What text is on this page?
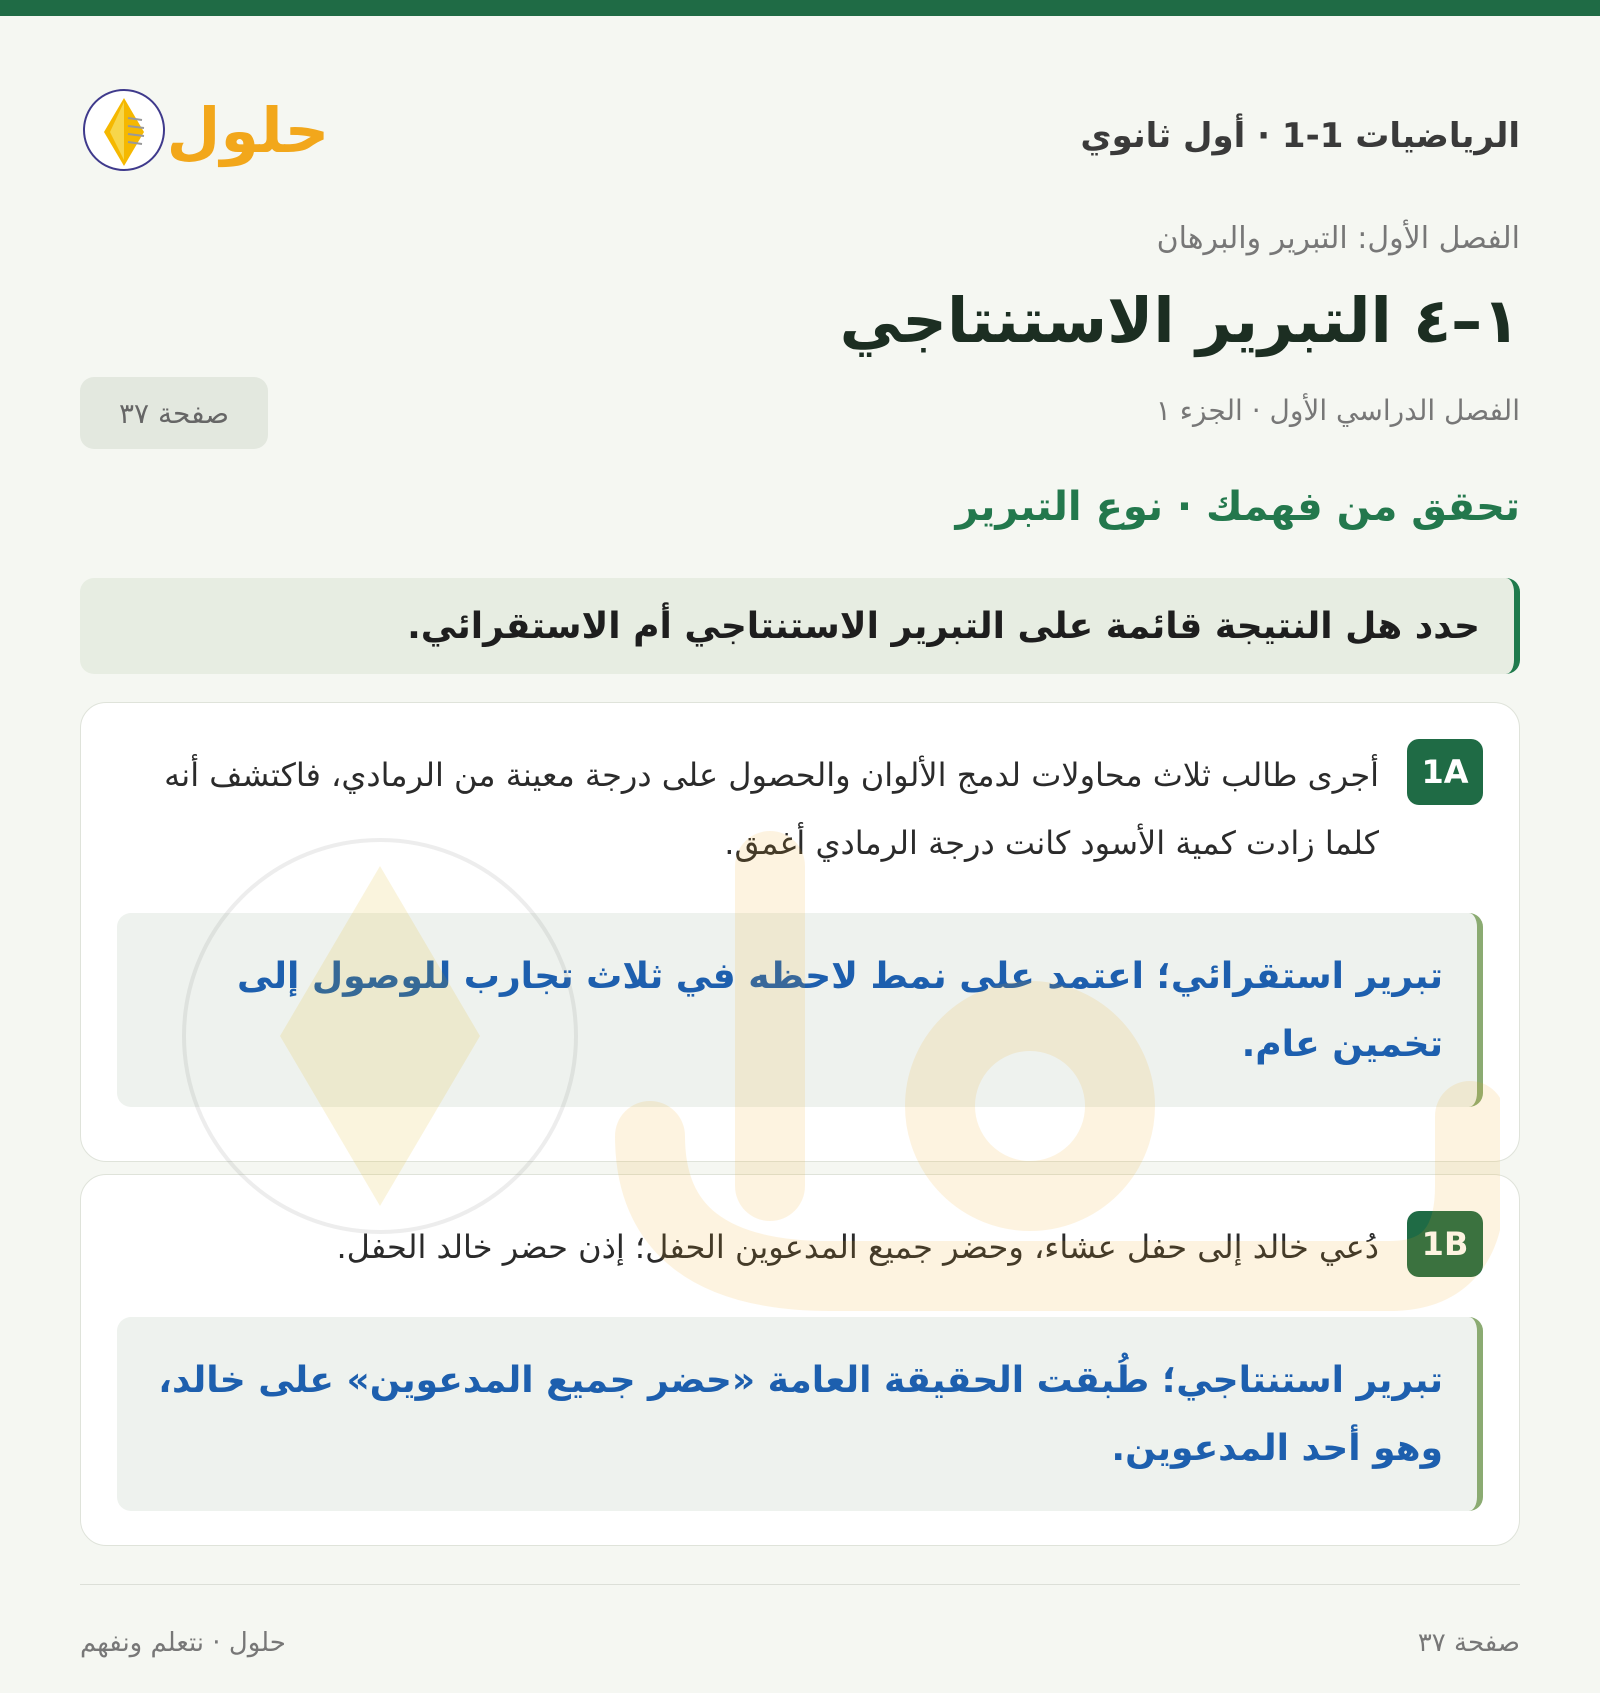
الرياضيات 1-1 · أول ثانوي
حلول
الفصل الأول: التبرير والبرهان
١–٤ التبرير الاستنتاجي
الفصل الدراسي الأول · الجزء ١
صفحة ٣٧
تحقق من فهمك · نوع التبرير
حدد هل النتيجة قائمة على التبرير الاستنتاجي أم الاستقرائي.
1A
أجرى طالب ثلاث محاولات لدمج الألوان والحصول على درجة معينة من الرمادي، فاكتشف أنه كلما زادت كمية الأسود كانت درجة الرمادي أغمق.
تبرير استقرائي؛ اعتمد على نمط لاحظه في ثلاث تجارب للوصول إلى تخمين عام.
1B
دُعي خالد إلى حفل عشاء، وحضر جميع المدعوين الحفل؛ إذن حضر خالد الحفل.
تبرير استنتاجي؛ طُبقت الحقيقة العامة «حضر جميع المدعوين» على خالد، وهو أحد المدعوين.
صفحة ٣٧
حلول · نتعلم ونفهم
